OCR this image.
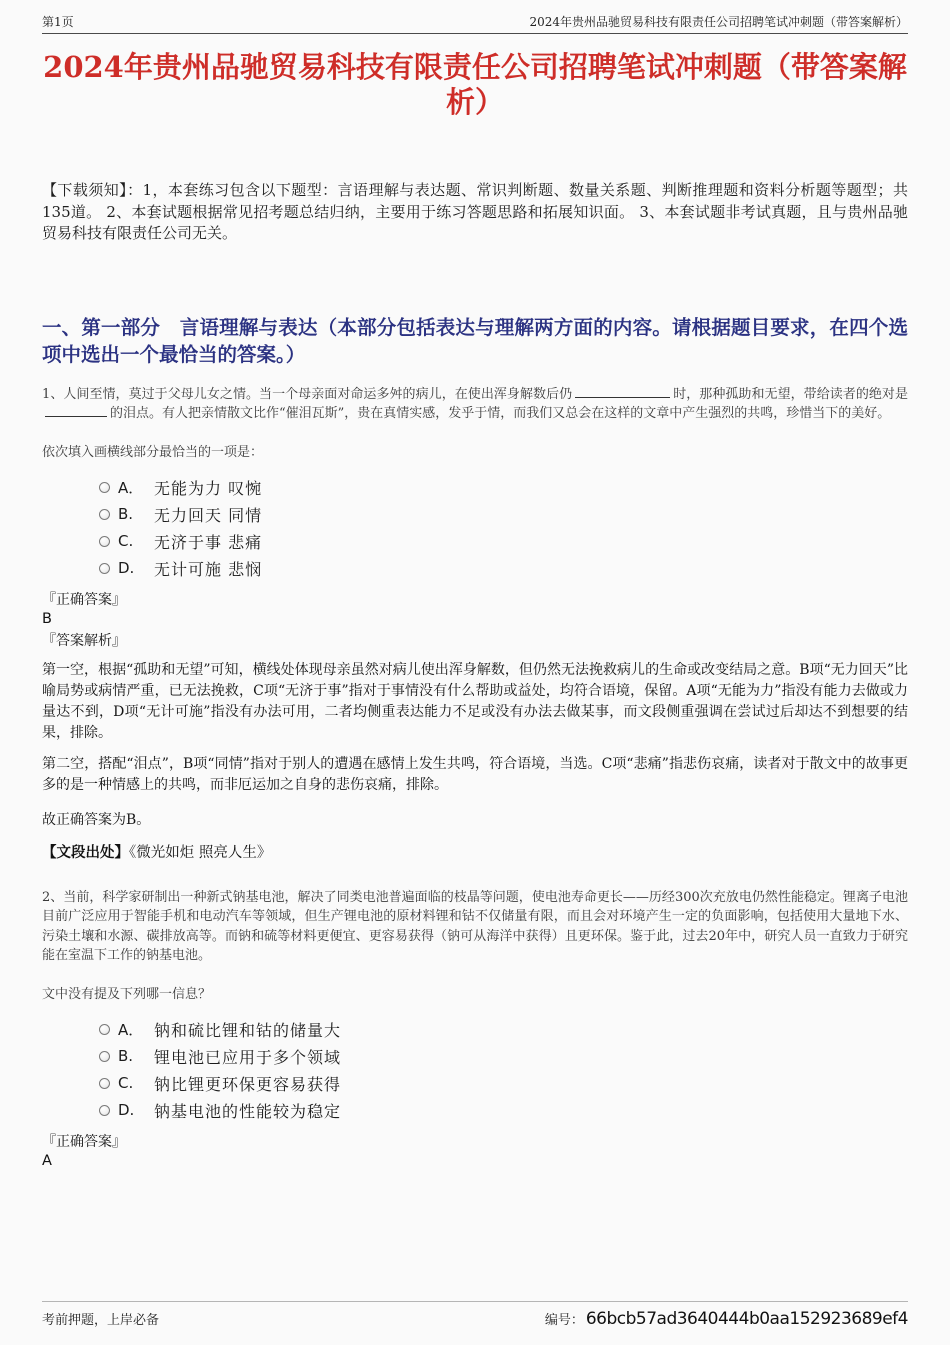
第1页	2024年贵州品驰贸易科技有限责任公司招聘笔试冲刺题（带答案解析）
2024年贵州品驰贸易科技有限责任公司招聘笔试冲刺题（带答案解析）

【下载须知】：1，本套练习包含以下题型：言语理解与表达题、常识判断题、数量关系题、判断推理题和资料分析题等题型；共135道。 2、本套试题根据常见招考题总结归纳，主要用于练习答题思路和拓展知识面。 3、本套试题非考试真题，且与贵州品驰贸易科技有限责任公司无关。

一、第一部分　言语理解与表达（本部分包括表达与理解两方面的内容。请根据题目要求，在四个选项中选出一个最恰当的答案。）

1、人间至情，莫过于父母儿女之情。当一个母亲面对命运多舛的病儿，在使出浑身解数后仍	时，那种孤助和无望，带给读者的绝对是的泪点。有人把亲情散文比作“催泪瓦斯”，贵在真情实感，发乎于情，而我们又总会在这样的文章中产生强烈的共鸣，珍惜当下的美好。

依次填入画横线部分最恰当的一项是：

A． 无能为力 叹惋
B.	无力回天 同情
C.	无济于事 悲痛
D.	无计可施 悲悯

『正确答案』

B

『答案解析』

第一空，根据“孤助和无望”可知，横线处体现母亲虽然对病儿使出浑身解数，但仍然无法挽救病儿的生命或改变结局之意。B项“无力回天”比喻局势或病情严重，已无法挽救，C项“无济于事”指对于事情没有什么帮助或益处，均符合语境，保留。A项“无能为力”指没有能力去做或力量达不到，D项“无计可施”指没有办法可用，二者均侧重表达能力不足或没有办法去做某事，而文段侧重强调在尝试过后却达不到想要的结果，排除。

第二空，搭配“泪点”，B项“同情”指对于别人的遭遇在感情上发生共鸣，符合语境，当选。C项“悲痛”指悲伤哀痛，读者对于散文中的故事更多的是一种情感上的共鸣，而非厄运加之自身的悲伤哀痛，排除。

故正确答案为B。

【文段出处】《微光如炬 照亮人生》

2、当前，科学家研制出一种新式钠基电池，解决了同类电池普遍面临的枝晶等问题，使电池寿命更长——历经300次充放电仍然性能稳定。锂离子电池目前广泛应用于智能手机和电动汽车等领域，但生产锂电池的原材料锂和钴不仅储量有限，而且会对环境产生一定的负面影响，包括使用大量地下水、污染土壤和水源、碳排放高等。而钠和硫等材料更便宜、更容易获得（钠可从海洋中获得）且更环保。鉴于此，过去20年中，研究人员一直致力于研究能在室温下工作的钠基电池。

文中没有提及下列哪一信息？

A． 钠和硫比锂和钴的储量大
B.	锂电池已应用于多个领域
C.	钠比锂更环保更容易获得
D.	钠基电池的性能较为稳定

『正确答案』

A

考前押题，上岸必备	编号： 66bcb57ad3640444b0aa152923689ef4
